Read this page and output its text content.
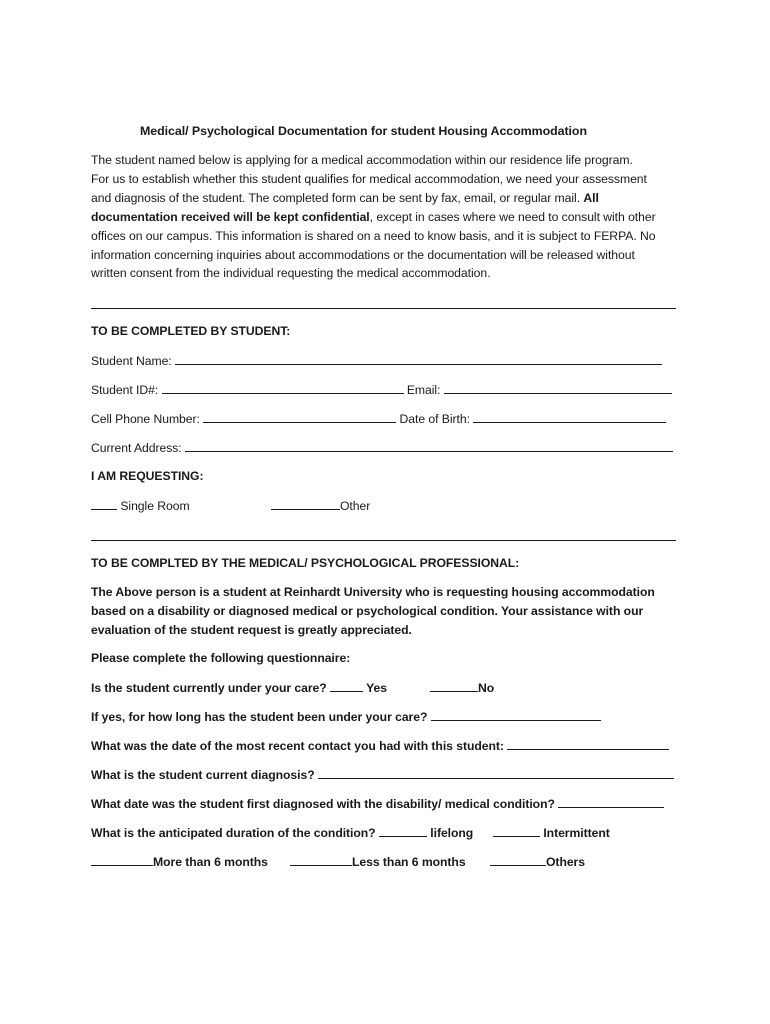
Medical/ Psychological Documentation for student Housing Accommodation
The student named below is applying for a medical accommodation within our residence life program.
For us to establish whether this student qualifies for medical accommodation, we need your assessment
and diagnosis of the student. The completed form can be sent by fax, email, or regular mail. All
documentation received will be kept confidential, except in cases where we need to consult with other
offices on our campus. This information is shared on a need to know basis, and it is subject to FERPA. No
information concerning inquiries about accommodations or the documentation will be released without
written consent from the individual requesting the medical accommodation.
TO BE COMPLETED BY STUDENT:
Student Name:
Student ID#:	Email:
Cell Phone Number:	Date of Birth:
Current Address:
I AM REQUESTING:
Single Room	Other
TO BE COMPLTED BY THE MEDICAL/ PSYCHOLOGICAL PROFESSIONAL:
The Above person is a student at Reinhardt University who is requesting housing accommodation
based on a disability or diagnosed medical or psychological condition. Your assistance with our
evaluation of the student request is greatly appreciated.
Please complete the following questionnaire:
Is the student currently under your care?	Yes	No
If yes, for how long has the student been under your care?
What was the date of the most recent contact you had with this student:
What is the student current diagnosis?
What date was the student first diagnosed with the disability/ medical condition?
What is the anticipated duration of the condition?	lifelong	Intermittent
More than 6 months	Less than 6 months	Others
